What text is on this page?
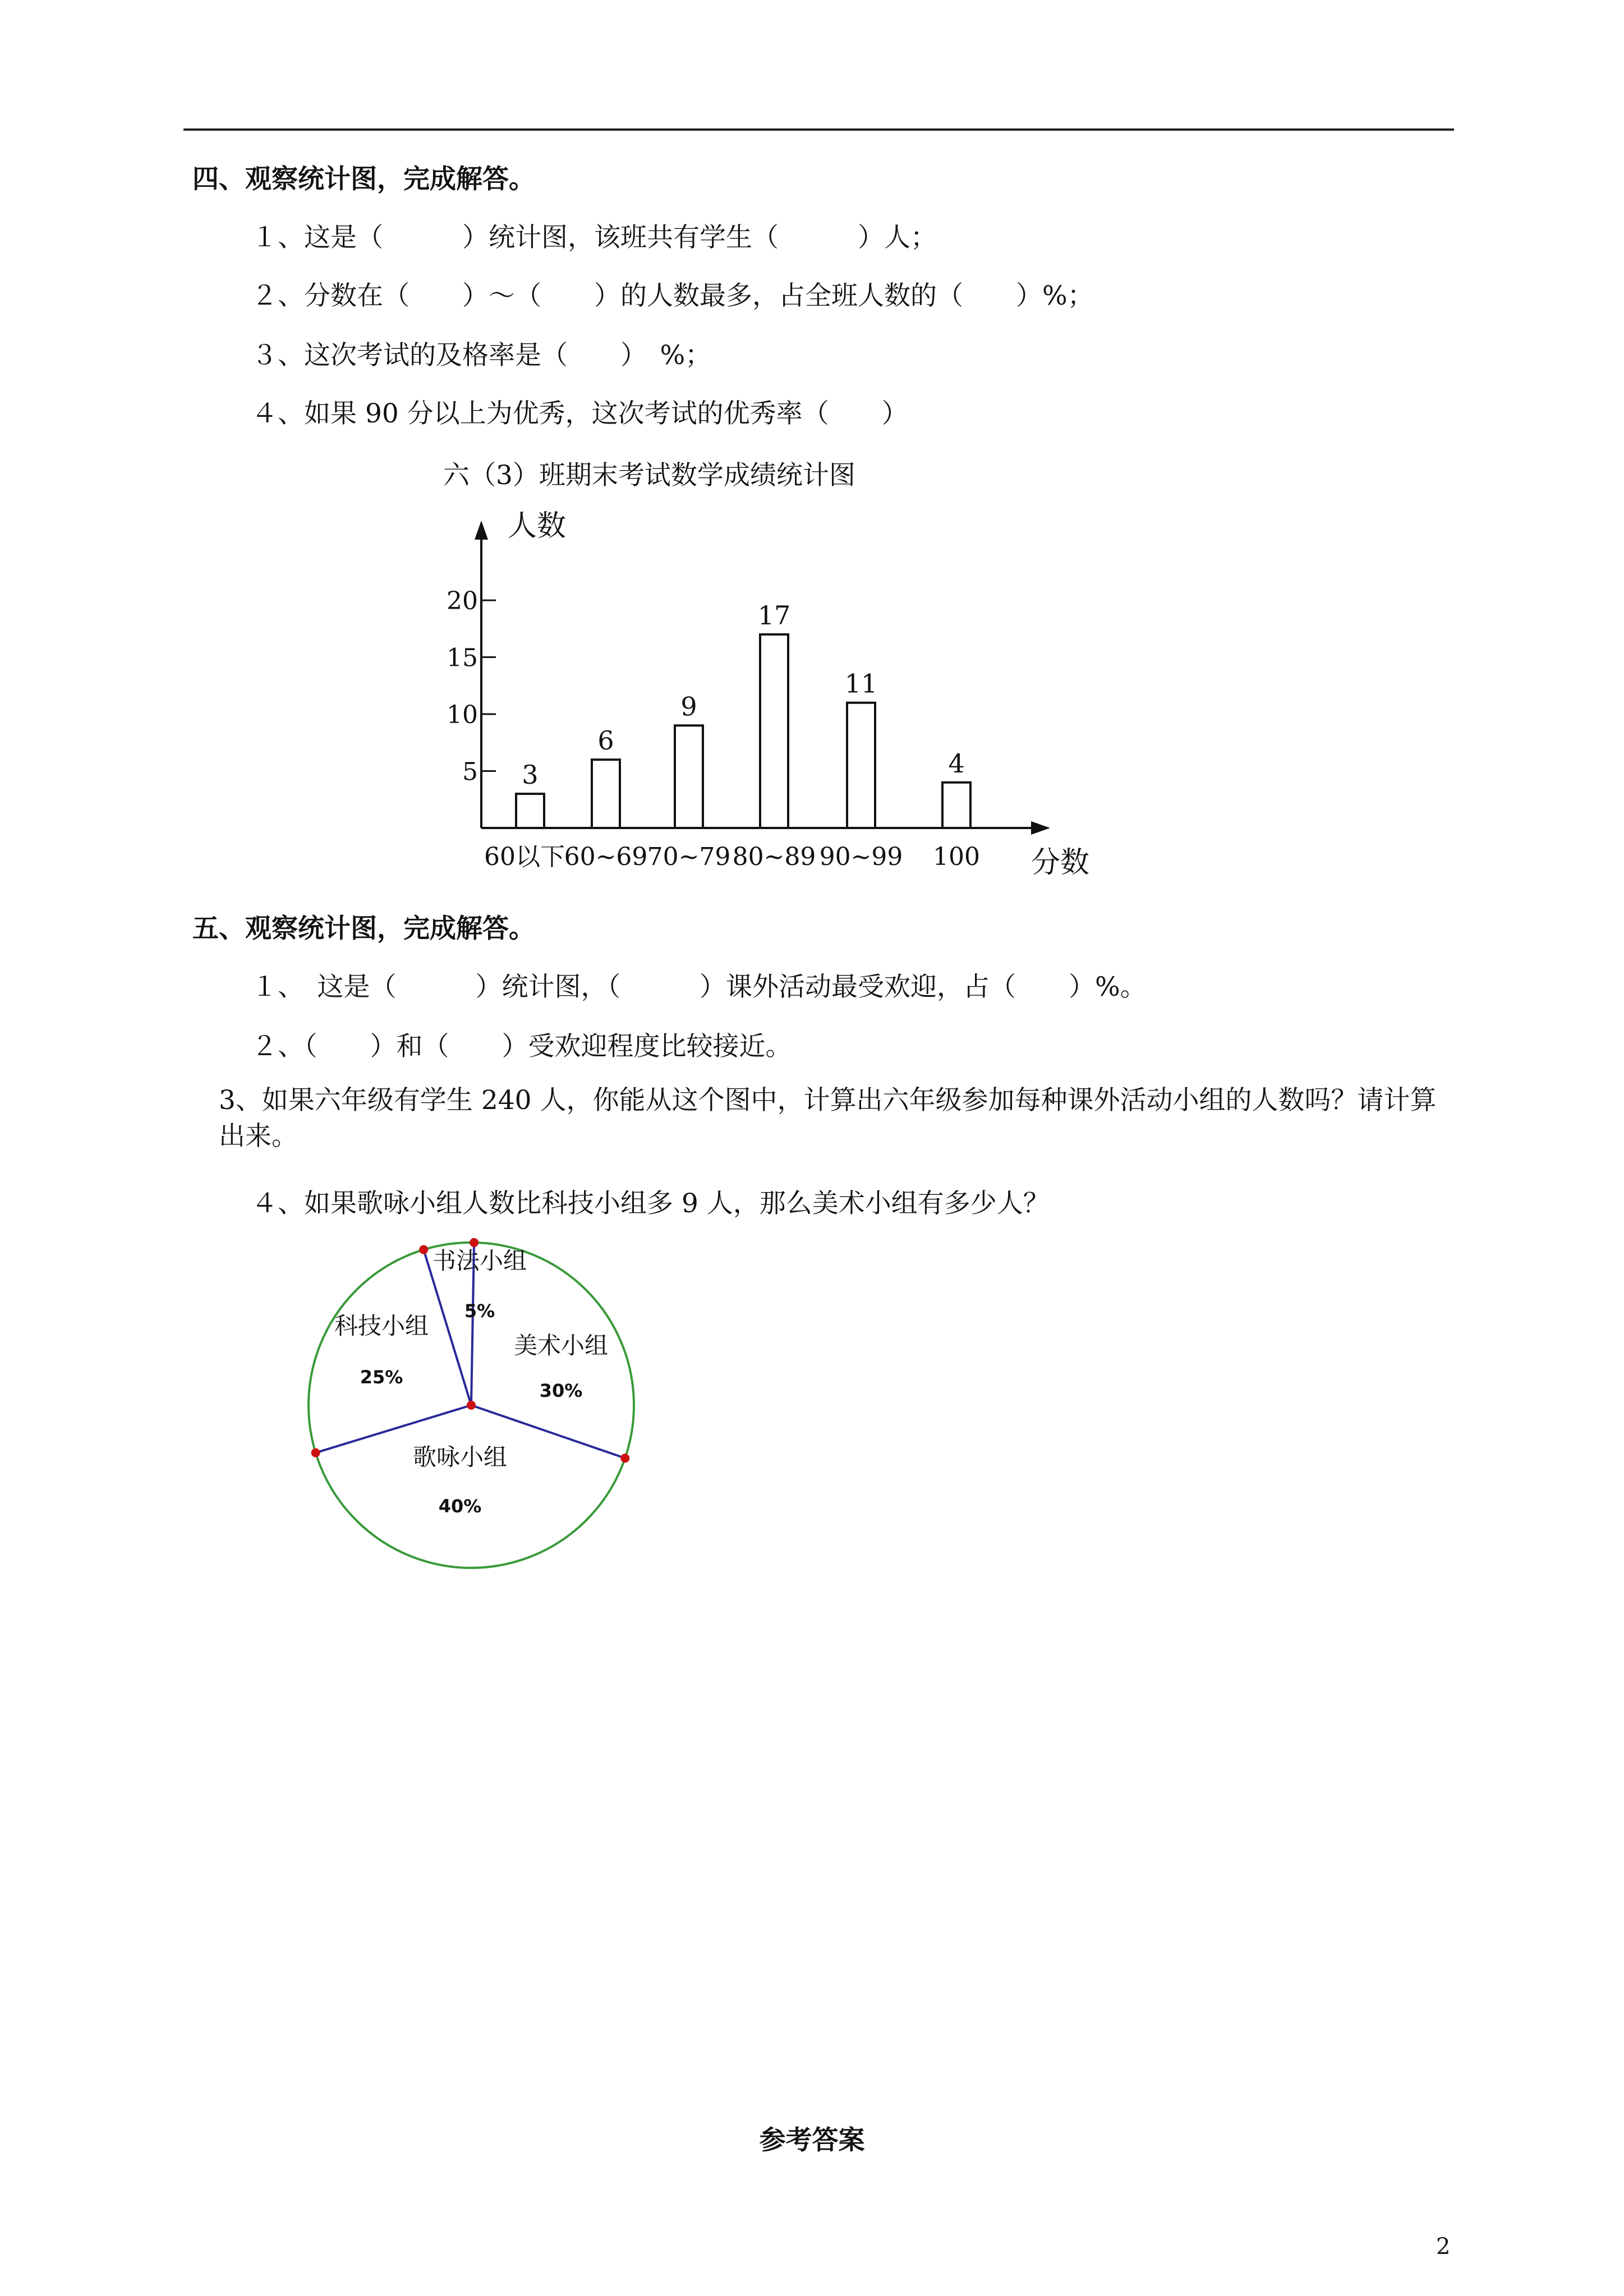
四、观察统计图，完成解答。
１、这是（　　　）统计图，该班共有学生（　　　）人；
２、分数在（　　）～（　　）的人数最多，占全班人数的（　　）%；
３、这次考试的及格率是（　　）　%；
４、如果 90 分以上为优秀，这次考试的优秀率（　　）
六（3）班期末考试数学成绩统计图
人数
分数
5
10
15
20
3
60以下
6
60~69
9
70~79
17
80~89
11
90~99
4
100
五、观察统计图，完成解答。
１、　这是（　　　）统计图，（　　　）课外活动最受欢迎，占（　　）%。
２、（　　）和（　　）受欢迎程度比较接近。
3、如果六年级有学生 240 人，你能从这个图中，计算出六年级参加每种课外活动小组的人数吗？请计算出来。
４、如果歌咏小组人数比科技小组多 9 人，那么美术小组有多少人？
书法小组
5%
美术小组
30%
歌咏小组
40%
科技小组
25%
参考答案
2
